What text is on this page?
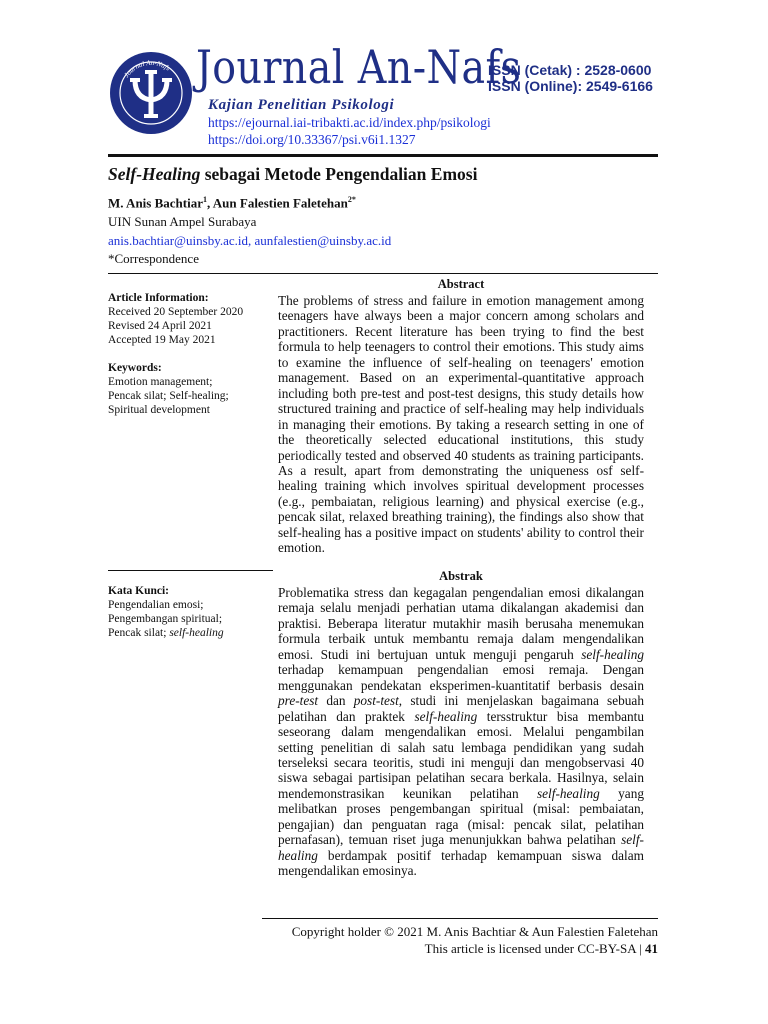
Journal An-Nafs Journal An-Nafs
Kajian Penelitian Psikologi
ISSN (Cetak) : 2528-0600
ISSN (Online): 2549-6166
https://ejournal.iai-tribakti.ac.id/index.php/psikologi
https://doi.org/10.33367/psi.v6i1.1327
Self-Healing sebagai Metode Pengendalian Emosi
M. Anis Bachtiar$^1$, Aun Falestien Faletehan$^{2*}$
UIN Sunan Ampel Surabaya
anis.bachtiar@uinsby.ac.id, aunfalestien@uinsby.ac.id
*Correspondence
Article Information:
Received 20 September 2020
Revised 24 April 2021
Accepted 19 May 2021
Keywords:
Emotion management;
Pencak silat; Self-healing;
Spiritual development
Kata Kunci:
Pengendalian emosi;
Pengembangan spiritual;
Pencak silat; self-healing
Abstract
The problems of stress and failure in emotion management among teenagers have always been a major concern among scholars and practitioners. Recent literature has been trying to find the best formula to help teenagers to control their emotions. This study aims to examine the influence of self-healing on teenagers' emotion management. Based on an experimental-quantitative approach including both pre-test and post-test designs, this study details how structured training and practice of self-healing may help individuals in managing their emotions. By taking a research setting in one of the theoretically selected educational institutions, this study periodically tested and observed 40 students as training participants. As a result, apart from demonstrating the uniqueness osf self-healing training which involves spiritual development processes (e.g., pembaiatan, religious learning) and physical exercise (e.g., pencak silat, relaxed breathing training), the findings also show that self-healing has a positive impact on students' ability to control their emotion.
Abstrak
Problematika stress dan kegagalan pengendalian emosi dikalangan remaja selalu menjadi perhatian utama dikalangan akademisi dan praktisi. Beberapa literatur mutakhir masih berusaha menemukan formula terbaik untuk membantu remaja dalam mengendalikan emosi. Studi ini bertujuan untuk menguji pengaruh self-healing terhadap kemampuan pengendalian emosi remaja. Dengan menggunakan pendekatan eksperimen-kuantitatif berbasis desain pre-test dan post-test, studi ini menjelaskan bagaimana sebuah pelatihan dan praktek self-healing tersstruktur bisa membantu seseorang dalam mengendalikan emosi. Melalui pengambilan setting penelitian di salah satu lembaga pendidikan yang sudah terseleksi secara teoritis, studi ini menguji dan mengobservasi 40 siswa sebagai partisipan pelatihan secara berkala. Hasilnya, selain mendemonstrasikan keunikan pelatihan self-healing yang melibatkan proses pengembangan spiritual (misal: pembaiatan, pengajian) dan penguatan raga (misal: pencak silat, pelatihan pernafasan), temuan riset juga menunjukkan bahwa pelatihan self-healing berdampak positif terhadap kemampuan siswa dalam mengendalikan emosinya.
Copyright holder © 2021 M. Anis Bachtiar & Aun Falestien Faletehan
This article is licensed under CC-BY-SA | 41
